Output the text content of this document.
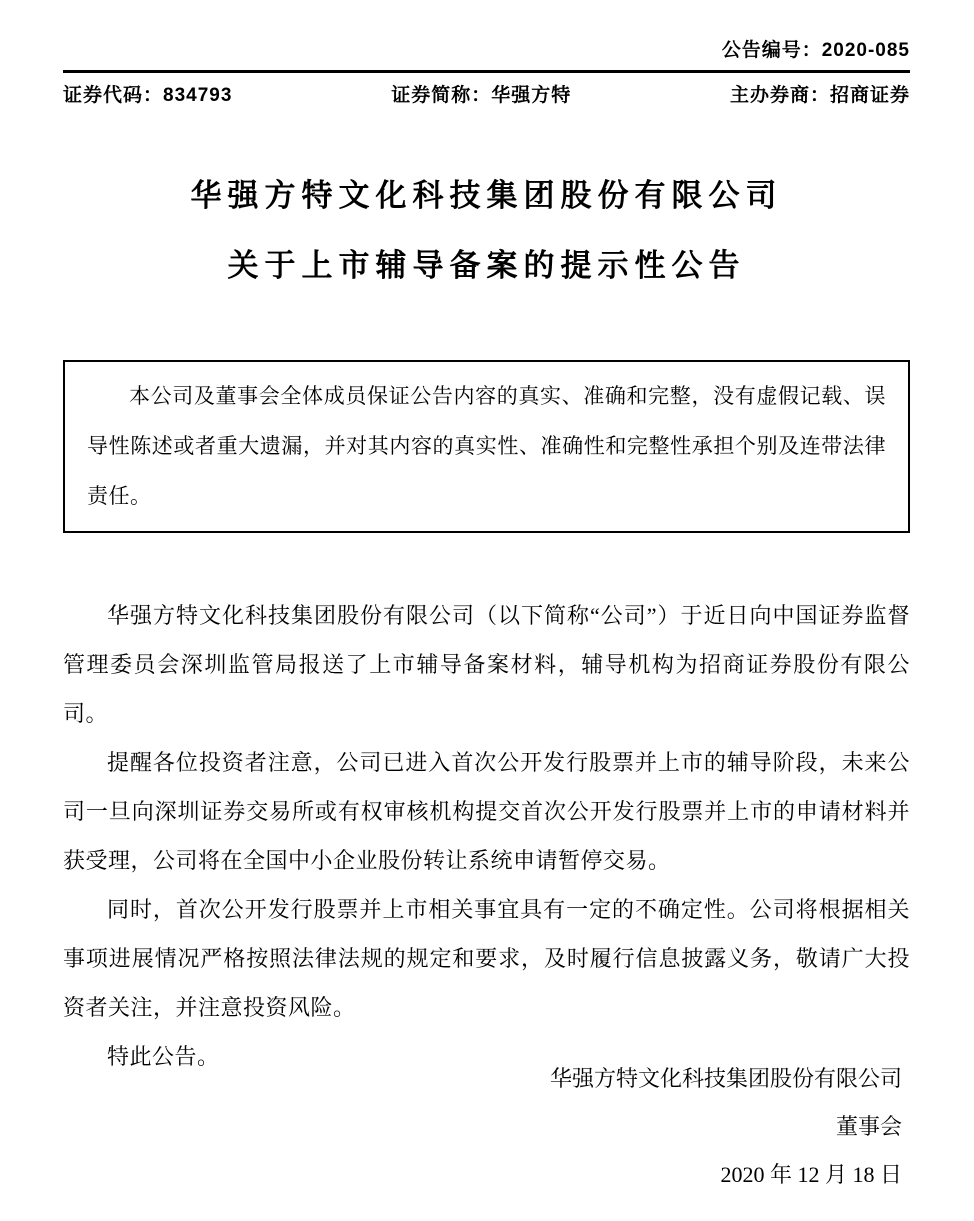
公告编号：2020-085
证券代码：834793	证券简称：华强方特	主办券商：招商证券
华强方特文化科技集团股份有限公司
关于上市辅导备案的提示性公告

本公司及董事会全体成员保证公告内容的真实、准确和完整，没有虚假记载、误导性陈述或者重大遗漏，并对其内容的真实性、准确性和完整性承担个别及连带法律责任。

华强方特文化科技集团股份有限公司（以下简称“公司”）于近日向中国证券监督管理委员会深圳监管局报送了上市辅导备案材料，辅导机构为招商证券股份有限公司。

提醒各位投资者注意，公司已进入首次公开发行股票并上市的辅导阶段，未来公司一旦向深圳证券交易所或有权审核机构提交首次公开发行股票并上市的申请材料并获受理，公司将在全国中小企业股份转让系统申请暂停交易。

同时，首次公开发行股票并上市相关事宜具有一定的不确定性。公司将根据相关事项进展情况严格按照法律法规的规定和要求，及时履行信息披露义务，敬请广大投资者关注，并注意投资风险。

特此公告。

华强方特文化科技集团股份有限公司
董事会
2020 年 12 月 18 日
